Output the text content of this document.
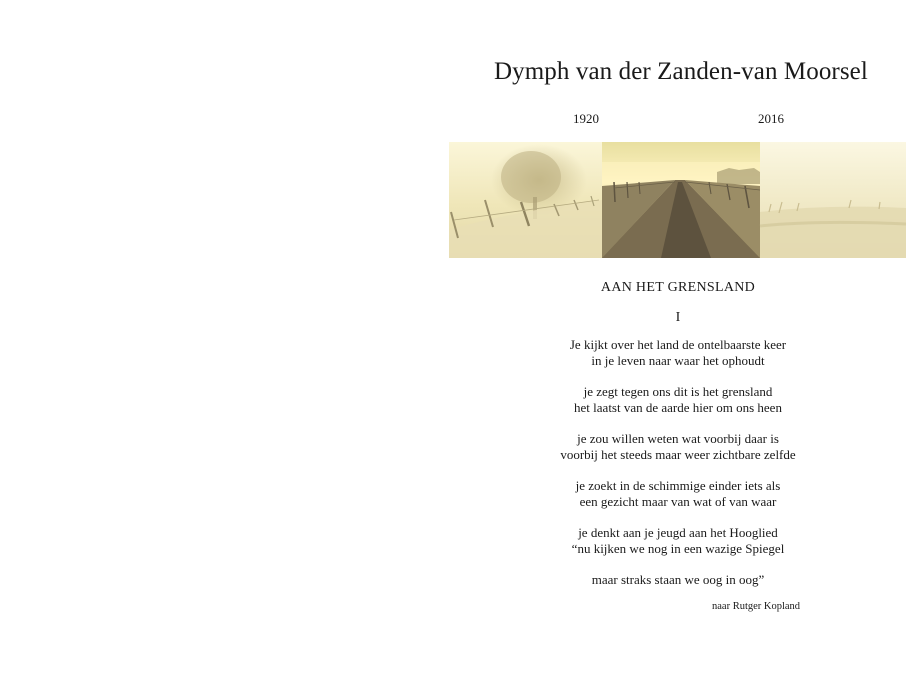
Dymph van der Zanden-van Moorsel
1920	2016
AAN HET GRENSLAND
I
Je kijkt over het land de ontelbaarste keer
in je leven naar waar het ophoudt
je zegt tegen ons dit is het grensland
het laatst van de aarde hier om ons heen
je zou willen weten wat voorbij daar is
voorbij het steeds maar weer zichtbare zelfde
je zoekt in de schimmige einder iets als
een gezicht maar van wat of van waar
je denkt aan je jeugd aan het Hooglied
“nu kijken we nog in een wazige Spiegel
maar straks staan we oog in oog”
naar Rutger Kopland
